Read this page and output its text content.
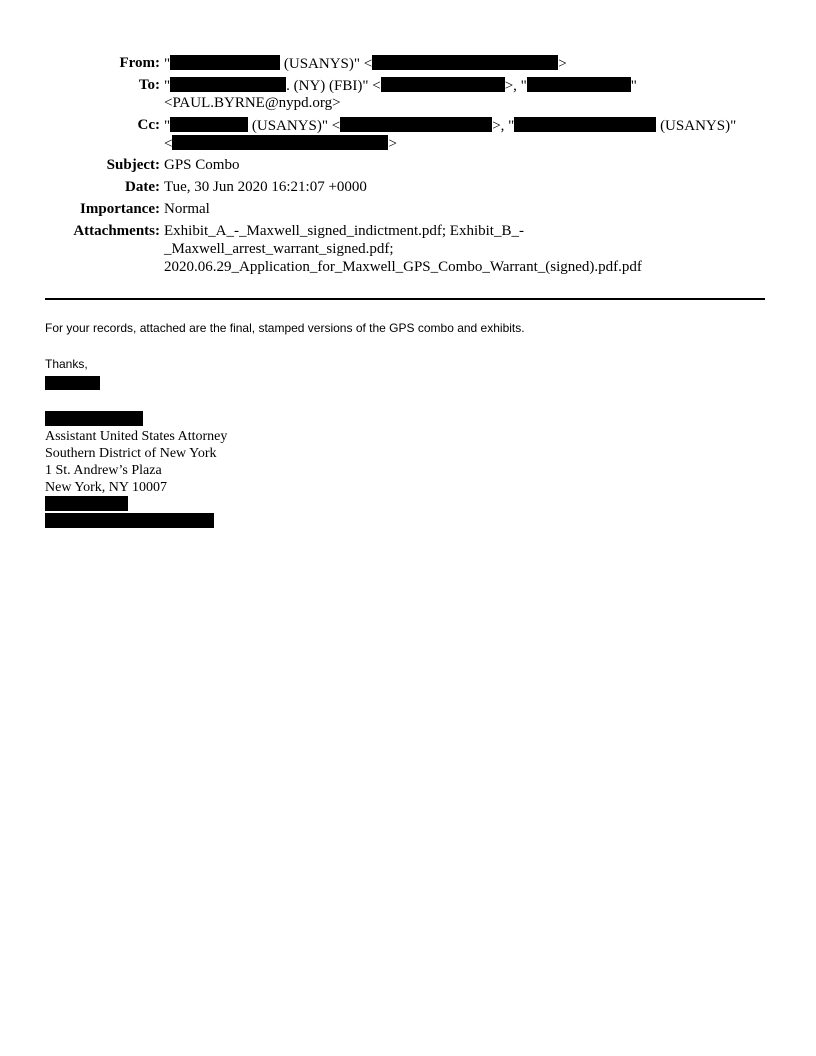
From: "	(USANYS)" <	>
To: "	. (NY) (FBI)" <	>, "	"
<PAUL.BYRNE@nypd.org>
Cc: "	(USANYS)" <	>, "	(USANYS)"
<	>
Subject: GPS Combo
Date: Tue, 30 Jun 2020 16:21:07 +0000
Importance: Normal
Attachments: Exhibit_A_-_Maxwell_signed_indictment.pdf; Exhibit_B_-
_Maxwell_arrest_warrant_signed.pdf;
2020.06.29_Application_for_Maxwell_GPS_Combo_Warrant_(signed).pdf.pdf
For your records, attached are the final, stamped versions of the GPS combo and exhibits.
Thanks,
Assistant United States Attorney
Southern District of New York
1 St. Andrew’s Plaza
New York, NY 10007
